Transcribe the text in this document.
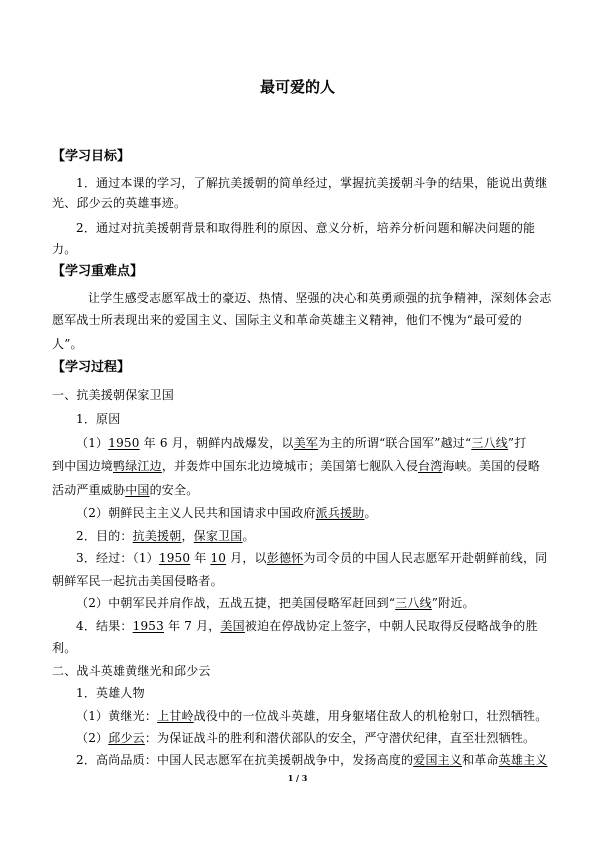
最可爱的人
【学习目标】
1．通过本课的学习，了解抗美援朝的简单经过，掌握抗美援朝斗争的结果，能说出黄继
光、邱少云的英雄事迹。
2．通过对抗美援朝背景和取得胜利的原因、意义分析，培养分析问题和解决问题的能
力。
【学习重难点】
让学生感受志愿军战士的豪迈、热情、坚强的决心和英勇顽强的抗争精神，深刻体会志
愿军战士所表现出来的爱国主义、国际主义和革命英雄主义精神，他们不愧为“最可爱的
人”。
【学习过程】
一、抗美援朝保家卫国
1．原因
（1）1950 年 6 月，朝鲜内战爆发，以美军为主的所谓“联合国军”越过“三八线”打
到中国边境鸭绿江边，并轰炸中国东北边境城市；美国第七舰队入侵台湾海峡。美国的侵略
活动严重威胁中国的安全。
（2）朝鲜民主主义人民共和国请求中国政府派兵援助。
2．目的：抗美援朝，保家卫国。
3．经过：（1）1950 年 10 月，以彭德怀为司令员的中国人民志愿军开赴朝鲜前线，同
朝鲜军民一起抗击美国侵略者。
（2）中朝军民并肩作战，五战五捷，把美国侵略军赶回到“三八线”附近。
4．结果：1953 年 7 月，美国被迫在停战协定上签字，中朝人民取得反侵略战争的胜
利。
二、战斗英雄黄继光和邱少云
1．英雄人物
（1）黄继光：上甘岭战役中的一位战斗英雄，用身躯堵住敌人的机枪射口，壮烈牺牲。
（2）邱少云：为保证战斗的胜利和潜伏部队的安全，严守潜伏纪律，直至壮烈牺牲。
2．高尚品质：中国人民志愿军在抗美援朝战争中，发扬高度的爱国主义和革命英雄主义
1 / 3
